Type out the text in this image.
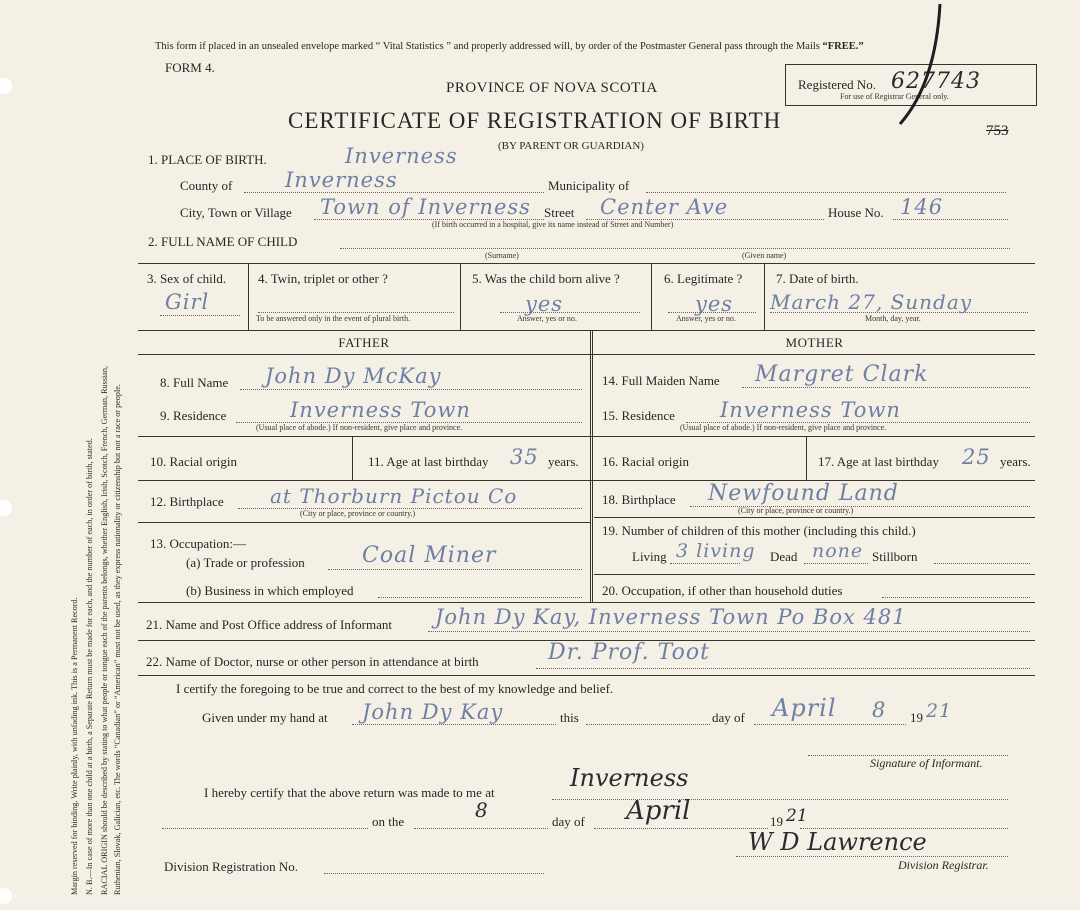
Margin reserved for binding. Write plainly, with unfading ink. This is a Permanent Record. N. B.—In case of more than one child at a birth, a Separate Return must be made for each, and the number of each, in order of birth, stated. RACIAL ORIGIN should be described by stating to what people or tongue each of the parents belongs, whether English, Irish, Scotch, French, German, Russian, Ruthenian, Slovak, Galician, etc. The words “Canadian” or “American” must not be used, as they express nationality or citizenship but not a race or people.
This form if placed in an unsealed envelope marked “ Vital Statistics ” and properly addressed will, by order of the Postmaster General pass through the Mails “FREE.”
FORM 4.
PROVINCE OF NOVA SCOTIA
CERTIFICATE OF REGISTRATION OF BIRTH
(BY PARENT OR GUARDIAN)
Registered No. 627743
For use of Registrar General only.
753
1. PLACE OF BIRTH.	Inverness
County of	Inverness	Municipality of
City, Town or Village Town of Inverness Street Center Ave	House No. 146
(If birth occurred in a hospital, give its name instead of Street and Number)
2. FULL NAME OF CHILD
(Surname)	(Given name)
3. Sex of child.
Girl
4. Twin, triplet or other ?
To be answered only in the event of plural birth.
5. Was the child born alive ?
yes
Answer, yes or no.
6. Legitimate ?
yes
Answer, yes or no.
7. Date of birth.
March 27, Sunday
Month, day, year.
FATHER	MOTHER
8. Full Name John Dy McKay
9. Residence	Inverness Town
(Usual place of abode.) If non-resident, give place and province.
10. Racial origin	11. Age at last birthday 35 years.
12. Birthplace at Thorburn Pictou Co
(City or place, province or country.)
13. Occupation:—
(a) Trade or profession	Coal Miner
(b) Business in which employed
14. Full Maiden Name Margret Clark
15. Residence Inverness Town
(Usual place of abode.) If non-resident, give place and province.
16. Racial origin	17. Age at last birthday 25 years.
18. Birthplace Newfound Land
(City or place, province or country.)
19. Number of children of this mother (including this child.)
Living 3 living Dead none Stillborn
20. Occupation, if other than household duties
21. Name and Post Office address of Informant John Dy Kay, Inverness Town Po Box 481
22. Name of Doctor, nurse or other person in attendance at birth	Dr. Prof. Toot
I certify the foregoing to be true and correct to the best of my knowledge and belief.
Given under my hand at John Dy Kay	this	day of April 8 19 21
Signature of Informant.
I hereby certify that the above return was made to me at
Inverness
on the	8	day of April	19 21
Division Registration No.
W D Lawrence
Division Registrar.
